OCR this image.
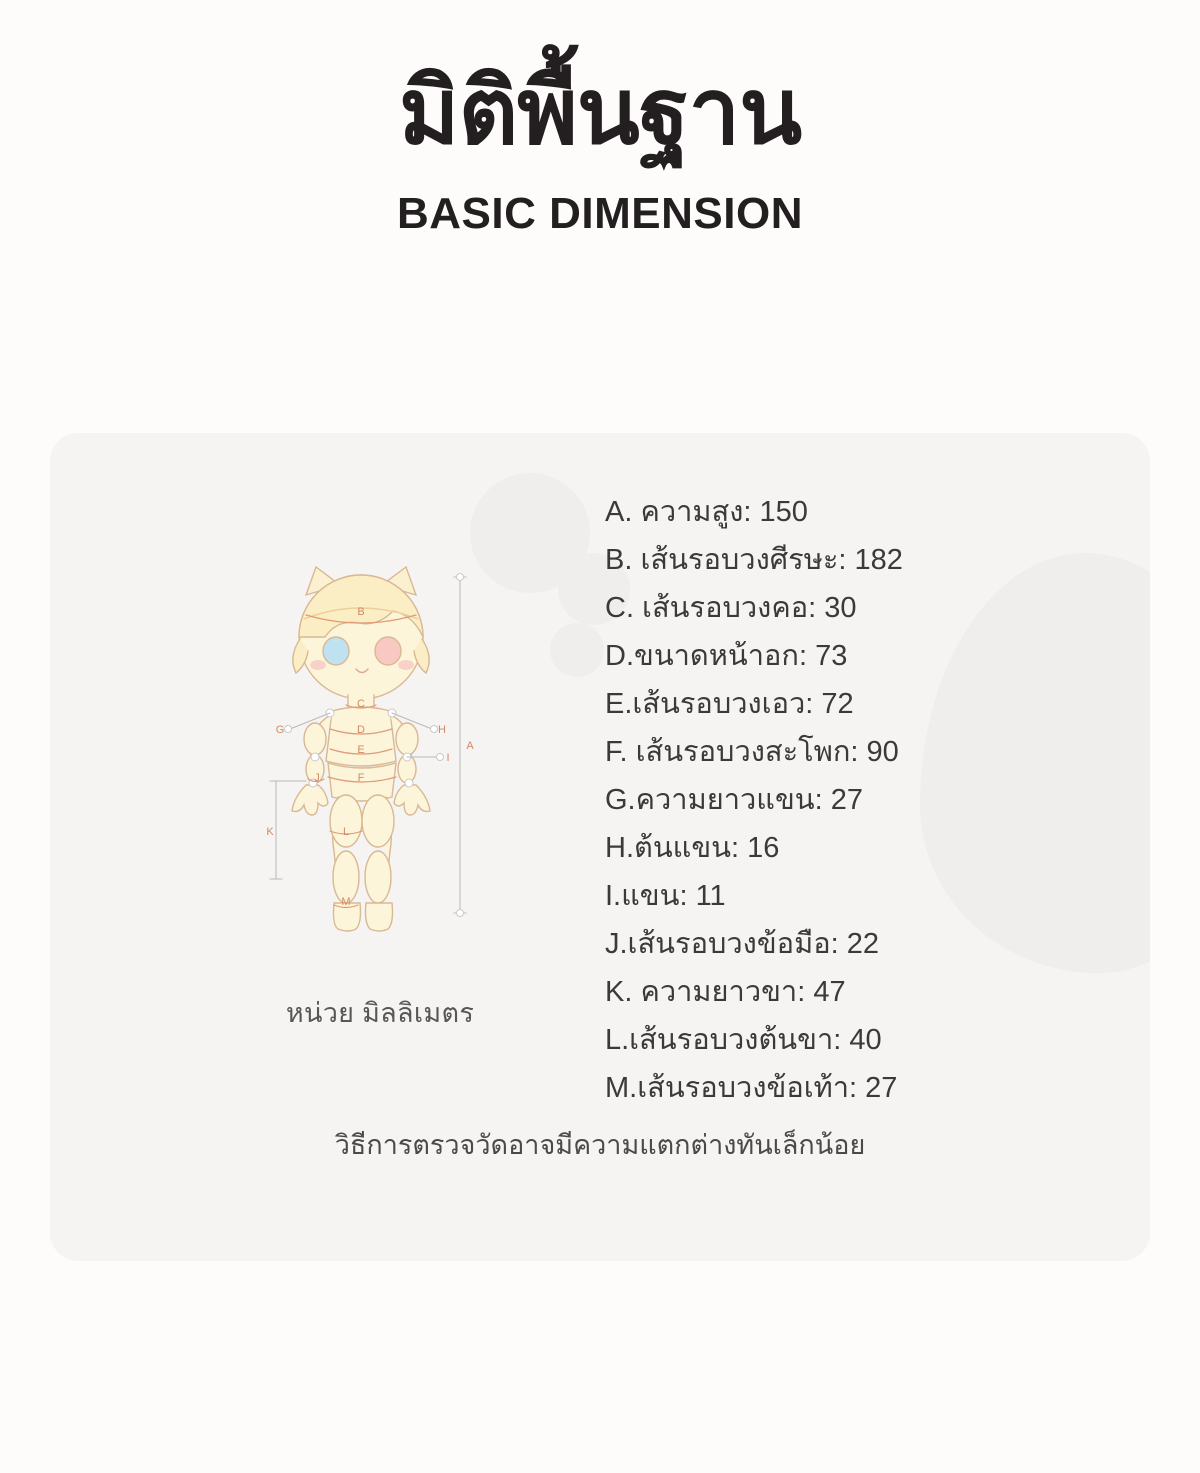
มิติพื้นฐาน
BASIC DIMENSION
B
C
D
E
F
J
L
M
G	H
I
K
A
หน่วย มิลลิเมตร
A. ความสูง: 150
B. เส้นรอบวงศีรษะ: 182
C. เส้นรอบวงคอ: 30
D.ขนาดหน้าอก: 73
E.เส้นรอบวงเอว: 72
F. เส้นรอบวงสะโพก: 90
G.ความยาวแขน: 27
H.ต้นแขน: 16
I.แขน: 11
J.เส้นรอบวงข้อมือ: 22
K. ความยาวขา: 47
L.เส้นรอบวงต้นขา: 40
M.เส้นรอบวงข้อเท้า: 27
วิธีการตรวจวัดอาจมีความแตกต่างทันเล็กน้อย
